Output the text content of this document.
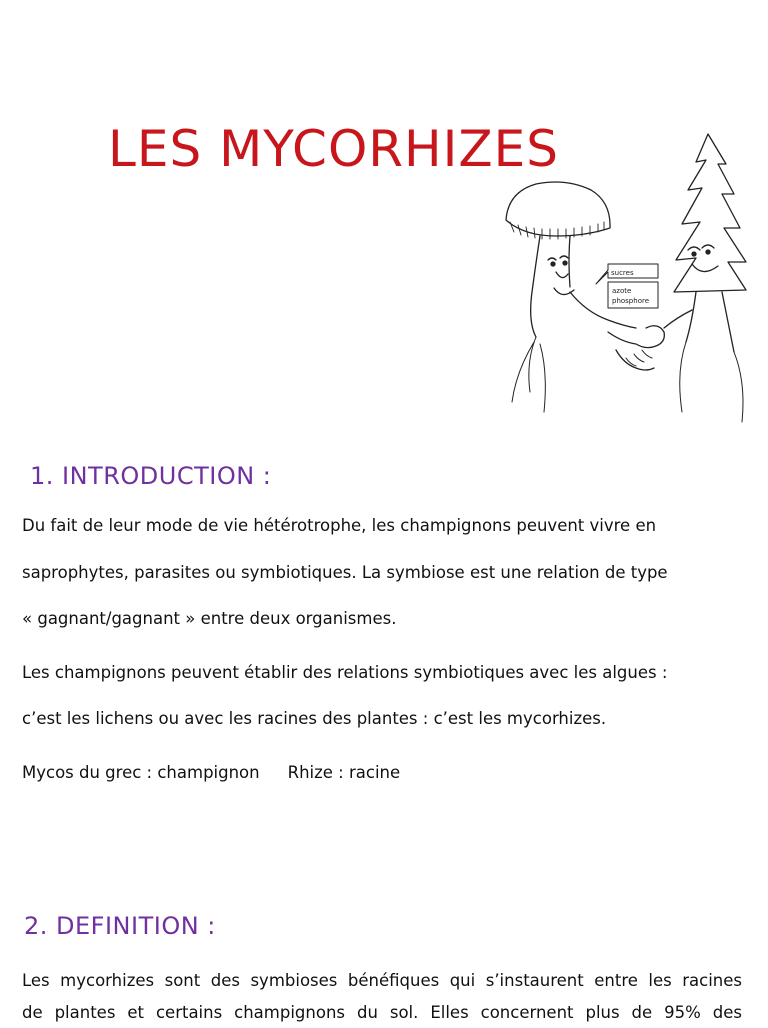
LES MYCORHIZES
sucres
azote
phosphore
1. INTRODUCTION :

Du fait de leur mode de vie hétérotrophe, les champignons peuvent vivre en

saprophytes, parasites ou symbiotiques. La symbiose est une relation de type

« gagnant/gagnant » entre deux organismes.

Les champignons peuvent établir des relations symbiotiques avec les algues :

c’est les lichens ou avec les racines des plantes : c’est les mycorhizes.

Mycos du grec : champignon Rhize : racine

2. DEFINITION :

Les mycorhizes sont des symbioses bénéfiques qui s’instaurent entre les racines

de plantes et certains champignons du sol. Elles concernent plus de 95% des
